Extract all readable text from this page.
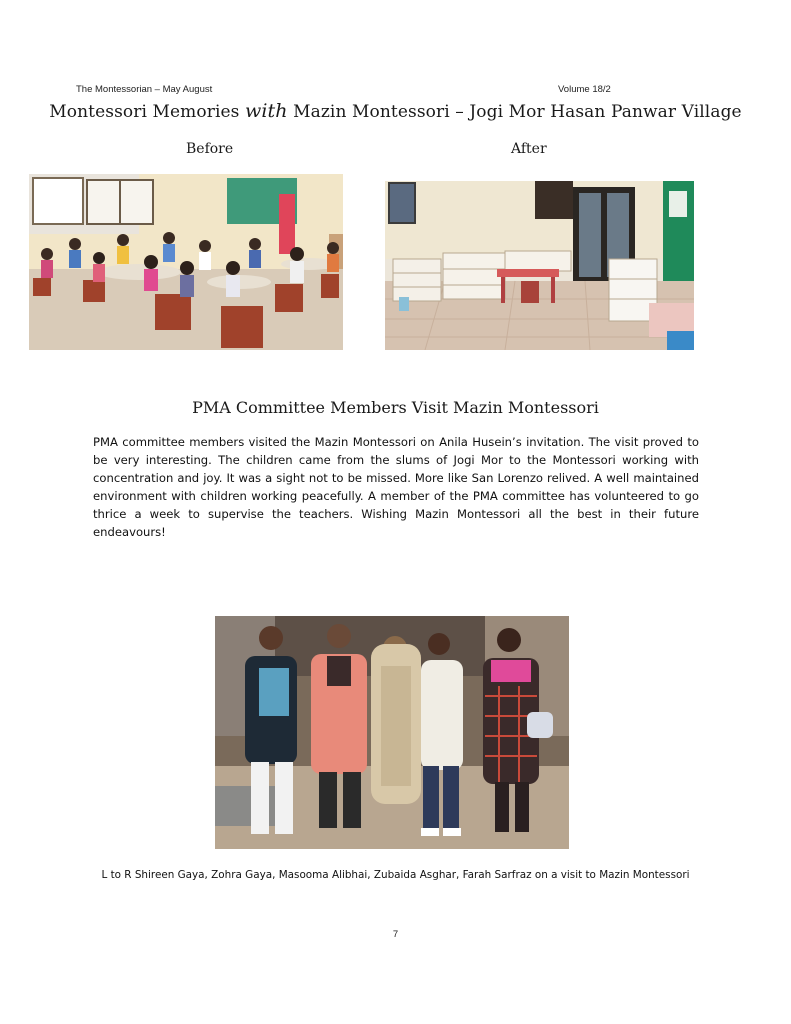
The Montessorian – May August	Volume 18/2
Montessori Memories with Mazin Montessori – Jogi Mor Hasan Panwar Village
Before	After
PMA Committee Members Visit Mazin Montessori
PMA committee members visited the Mazin Montessori on Anila Husein’s invitation. The visit proved to be very interesting. The children came from the slums of Jogi Mor to the Montessori working with concentration and joy. It was a sight not to be missed. More like San Lorenzo relived. A well maintained environment with children working peacefully. A member of the PMA committee has volunteered to go thrice a week to supervise the teachers. Wishing Mazin Montessori all the best in their future endeavours!
L to R Shireen Gaya, Zohra Gaya, Masooma Alibhai, Zubaida Asghar, Farah Sarfraz on a visit to Mazin Montessori
7
